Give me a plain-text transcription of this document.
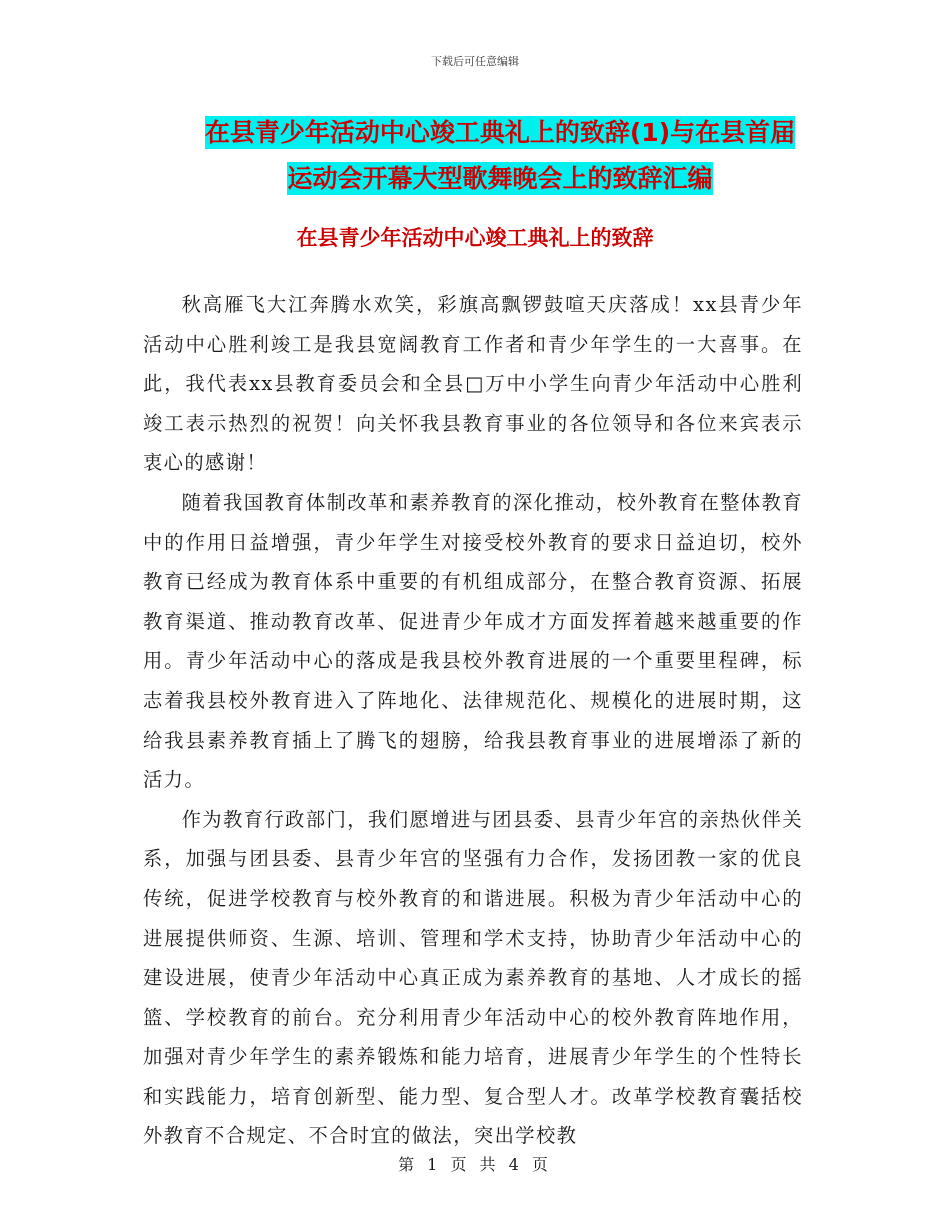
下载后可任意编辑
在县青少年活动中心竣工典礼上的致辞(1)与在县首届
运动会开幕大型歌舞晚会上的致辞汇编
在县青少年活动中心竣工典礼上的致辞

秋高雁飞大江奔腾水欢笑，彩旗高飘锣鼓喧天庆落成！xx县青少年活动中心胜利竣工是我县宽阔教育工作者和青少年学生的一大喜事。在此，我代表xx县教育委员会和全县□万中小学生向青少年活动中心胜利竣工表示热烈的祝贺！向关怀我县教育事业的各位领导和各位来宾表示衷心的感谢！

随着我国教育体制改革和素养教育的深化推动，校外教育在整体教育中的作用日益增强，青少年学生对接受校外教育的要求日益迫切，校外教育已经成为教育体系中重要的有机组成部分，在整合教育资源、拓展教育渠道、推动教育改革、促进青少年成才方面发挥着越来越重要的作用。青少年活动中心的落成是我县校外教育进展的一个重要里程碑，标志着我县校外教育进入了阵地化、法律规范化、规模化的进展时期，这给我县素养教育插上了腾飞的翅膀，给我县教育事业的进展增添了新的活力。

作为教育行政部门，我们愿增进与团县委、县青少年宫的亲热伙伴关系，加强与团县委、县青少年宫的坚强有力合作，发扬团教一家的优良传统，促进学校教育与校外教育的和谐进展。积极为青少年活动中心的进展提供师资、生源、培训、管理和学术支持，协助青少年活动中心的建设进展，使青少年活动中心真正成为素养教育的基地、人才成长的摇篮、学校教育的前台。充分利用青少年活动中心的校外教育阵地作用，加强对青少年学生的素养锻炼和能力培育，进展青少年学生的个性特长和实践能力，培育创新型、能力型、复合型人才。改革学校教育囊括校外教育不合规定、不合时宜的做法，突出学校教

第 1 页 共 4 页
